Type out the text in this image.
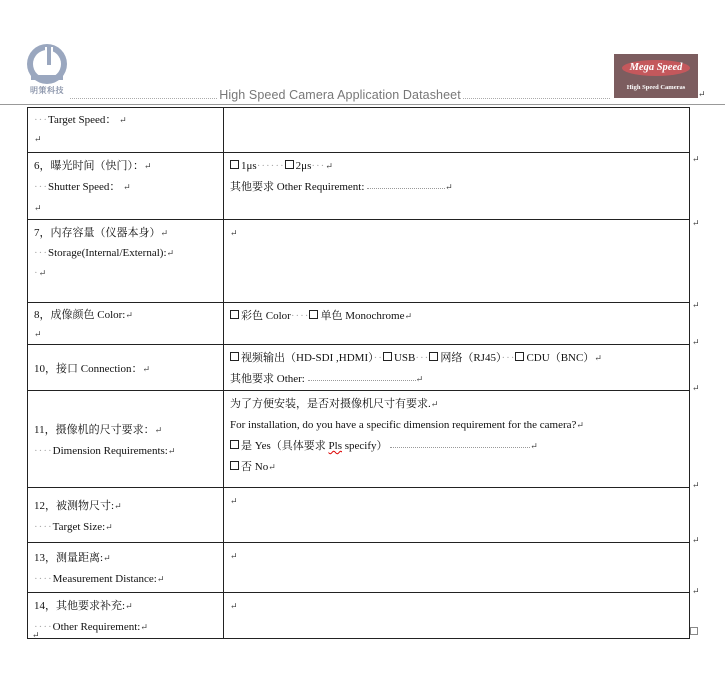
明策科技
Mega Speed
High Speed Cameras
High Speed Camera Application Datasheet	↵
···Target Speed： ↵
↵	
6，曝光时间（快门）：↵
···Shutter Speed： ↵
↵	1μs······ 2μs···↵
其他要求 Other Requirement: ↵
7，内存容量（仪器本身）↵
···Storage(Internal/External):↵
·↵	↵
8，成像颜色 Color:↵
↵	彩色 Color···· 单色 Monochrome↵
10，接口 Connection：↵	视频输出（HD-SDI ,HDMI）·· USB··· 网络（RJ45）··· CDU（BNC）↵
其他要求 Other: ↵
11，摄像机的尺寸要求：↵
····Dimension Requirements:↵	为了方便安装，是否对摄像机尺寸有要求.↵
For installation, do you have a specific dimension requirement for the camera?↵
是 Yes（具体要求 Pls specify） ↵
否 No↵
12，被测物尺寸:↵
····Target Size:↵	↵
13，测量距离:↵
····Measurement Distance:↵	↵
14，其他要求补充:↵
····Other Requirement:↵	↵
↵
↵
↵
↵
↵
↵
↵
↵
↵
